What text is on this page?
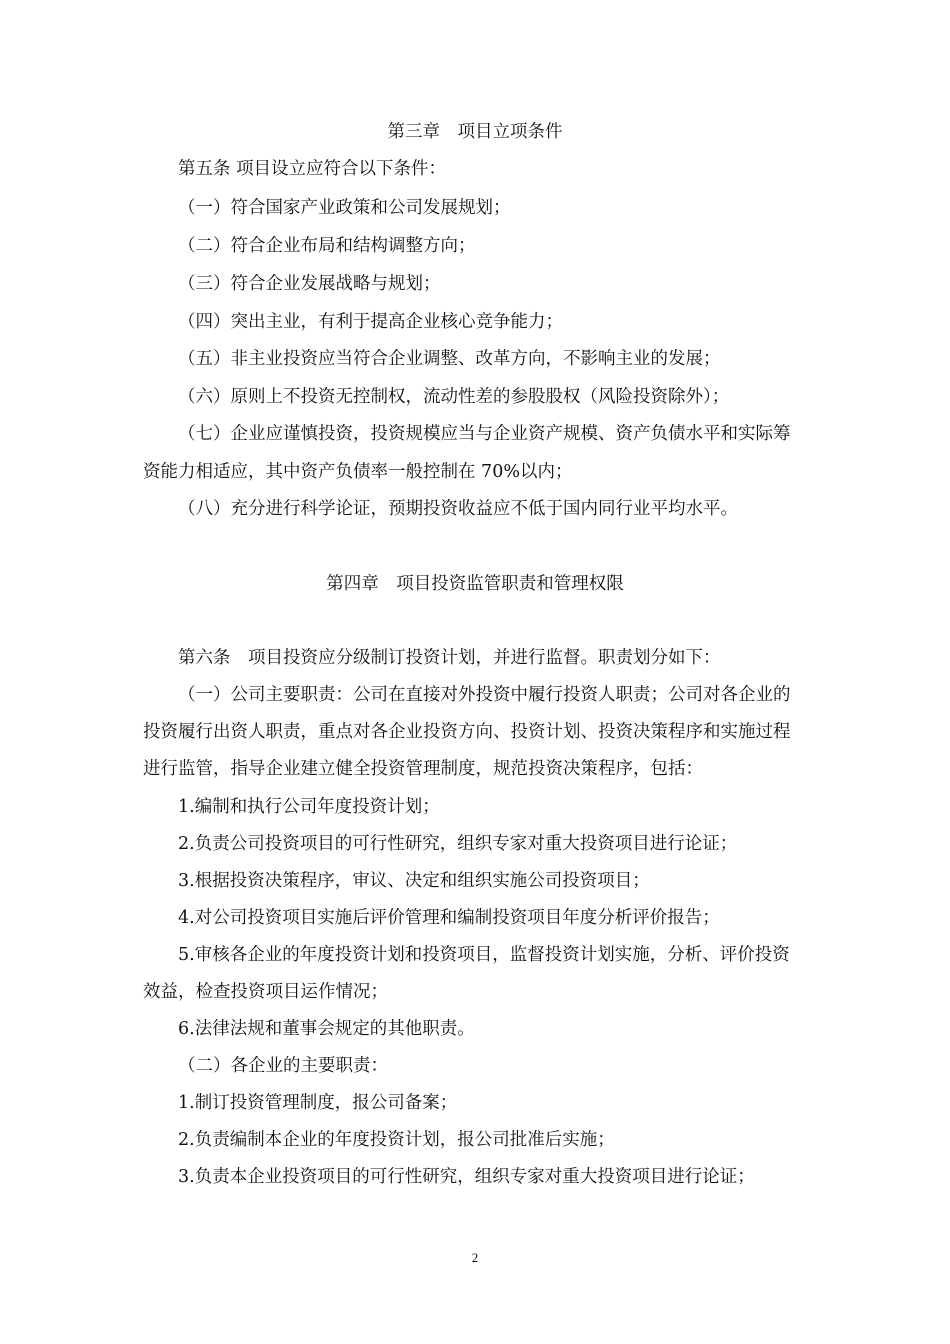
第三章　项目立项条件
第五条 项目设立应符合以下条件：
（一）符合国家产业政策和公司发展规划；
（二）符合企业布局和结构调整方向；
（三）符合企业发展战略与规划；
（四）突出主业，有利于提高企业核心竞争能力；
（五）非主业投资应当符合企业调整、改革方向，不影响主业的发展；
（六）原则上不投资无控制权，流动性差的参股股权（风险投资除外）；
（七）企业应谨慎投资，投资规模应当与企业资产规模、资产负债水平和实际筹
资能力相适应，其中资产负债率一般控制在 70%以内；
（八）充分进行科学论证，预期投资收益应不低于国内同行业平均水平。
第四章　项目投资监管职责和管理权限
第六条　项目投资应分级制订投资计划，并进行监督。职责划分如下：
（一）公司主要职责：公司在直接对外投资中履行投资人职责；公司对各企业的
投资履行出资人职责，重点对各企业投资方向、投资计划、投资决策程序和实施过程
进行监管，指导企业建立健全投资管理制度，规范投资决策程序，包括：
1.编制和执行公司年度投资计划；
2.负责公司投资项目的可行性研究，组织专家对重大投资项目进行论证；
3.根据投资决策程序，审议、决定和组织实施公司投资项目；
4.对公司投资项目实施后评价管理和编制投资项目年度分析评价报告；
5.审核各企业的年度投资计划和投资项目，监督投资计划实施，分析、评价投资
效益，检查投资项目运作情况；
6.法律法规和董事会规定的其他职责。
（二）各企业的主要职责：
1.制订投资管理制度，报公司备案；
2.负责编制本企业的年度投资计划，报公司批准后实施；
3.负责本企业投资项目的可行性研究，组织专家对重大投资项目进行论证；
2
